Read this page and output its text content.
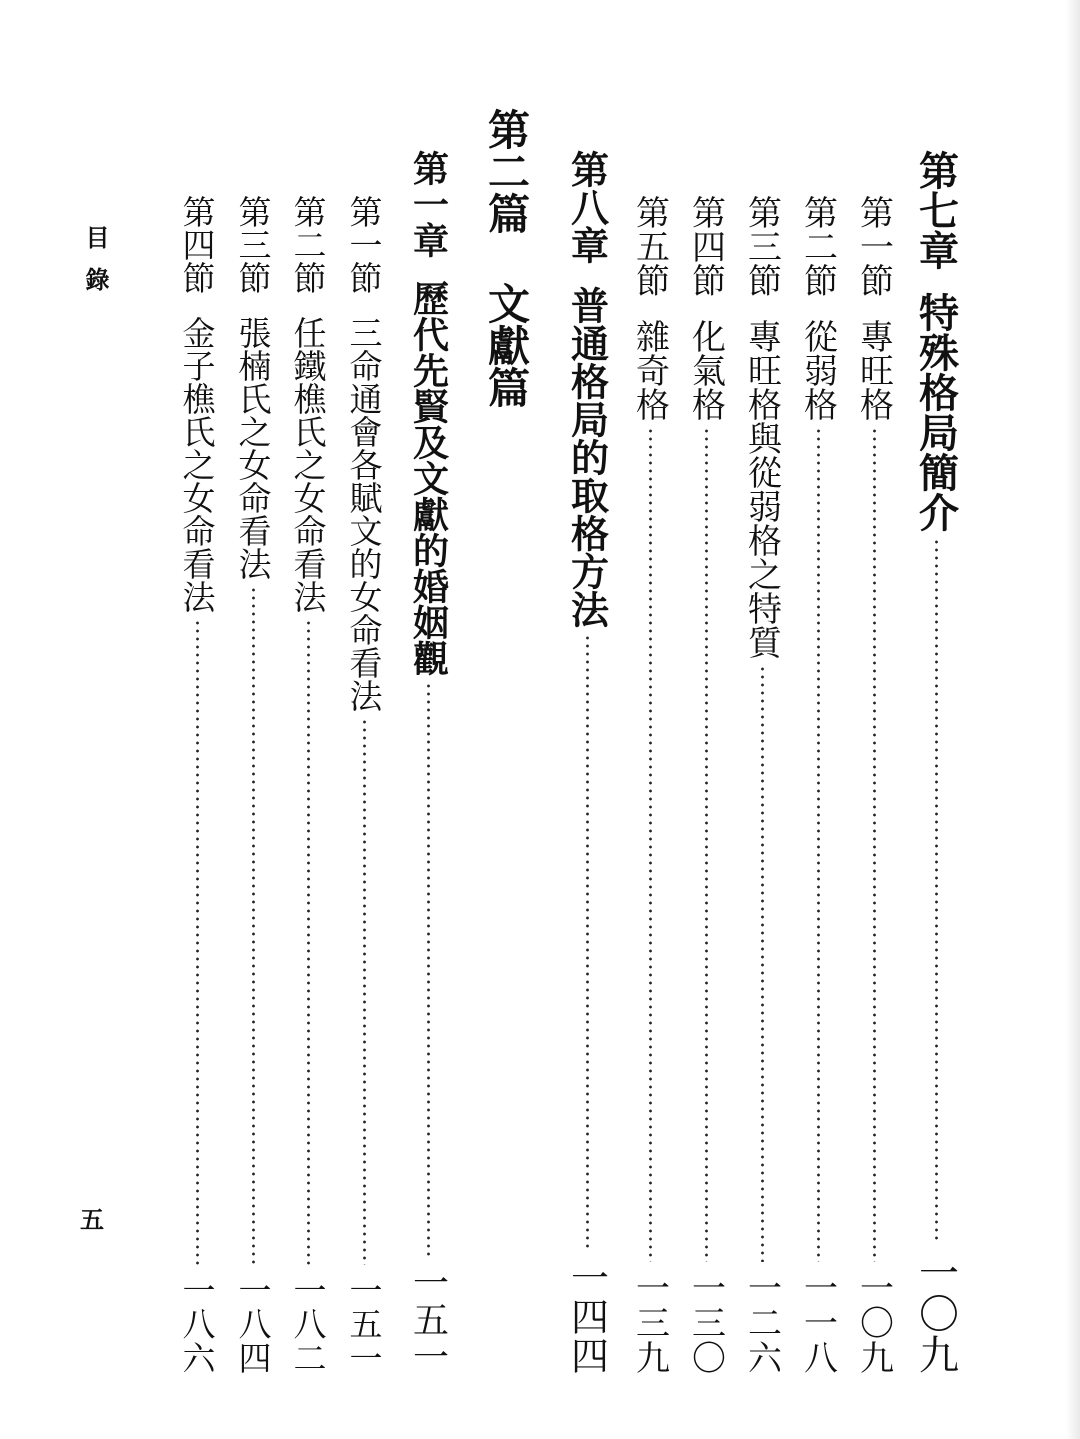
第七章
特殊格局簡介
一〇九
第一節
專旺格
一〇九
第二節
從弱格
一一八
第三節
專旺格與從弱格之特質
一二六
第四節
化氣格
一三〇
第五節
雜奇格
一三九
第八章
普通格局的取格方法
一四四
第二篇
文獻篇
第一章
歷代先賢及文獻的婚姻觀
一五一
第一節
三命通會各賦文的女命看法
一五一
第二節
任鐵樵氏之女命看法
一八二
第三節
張楠氏之女命看法
一八四
第四節
金子樵氏之女命看法
一八六
目錄
五
